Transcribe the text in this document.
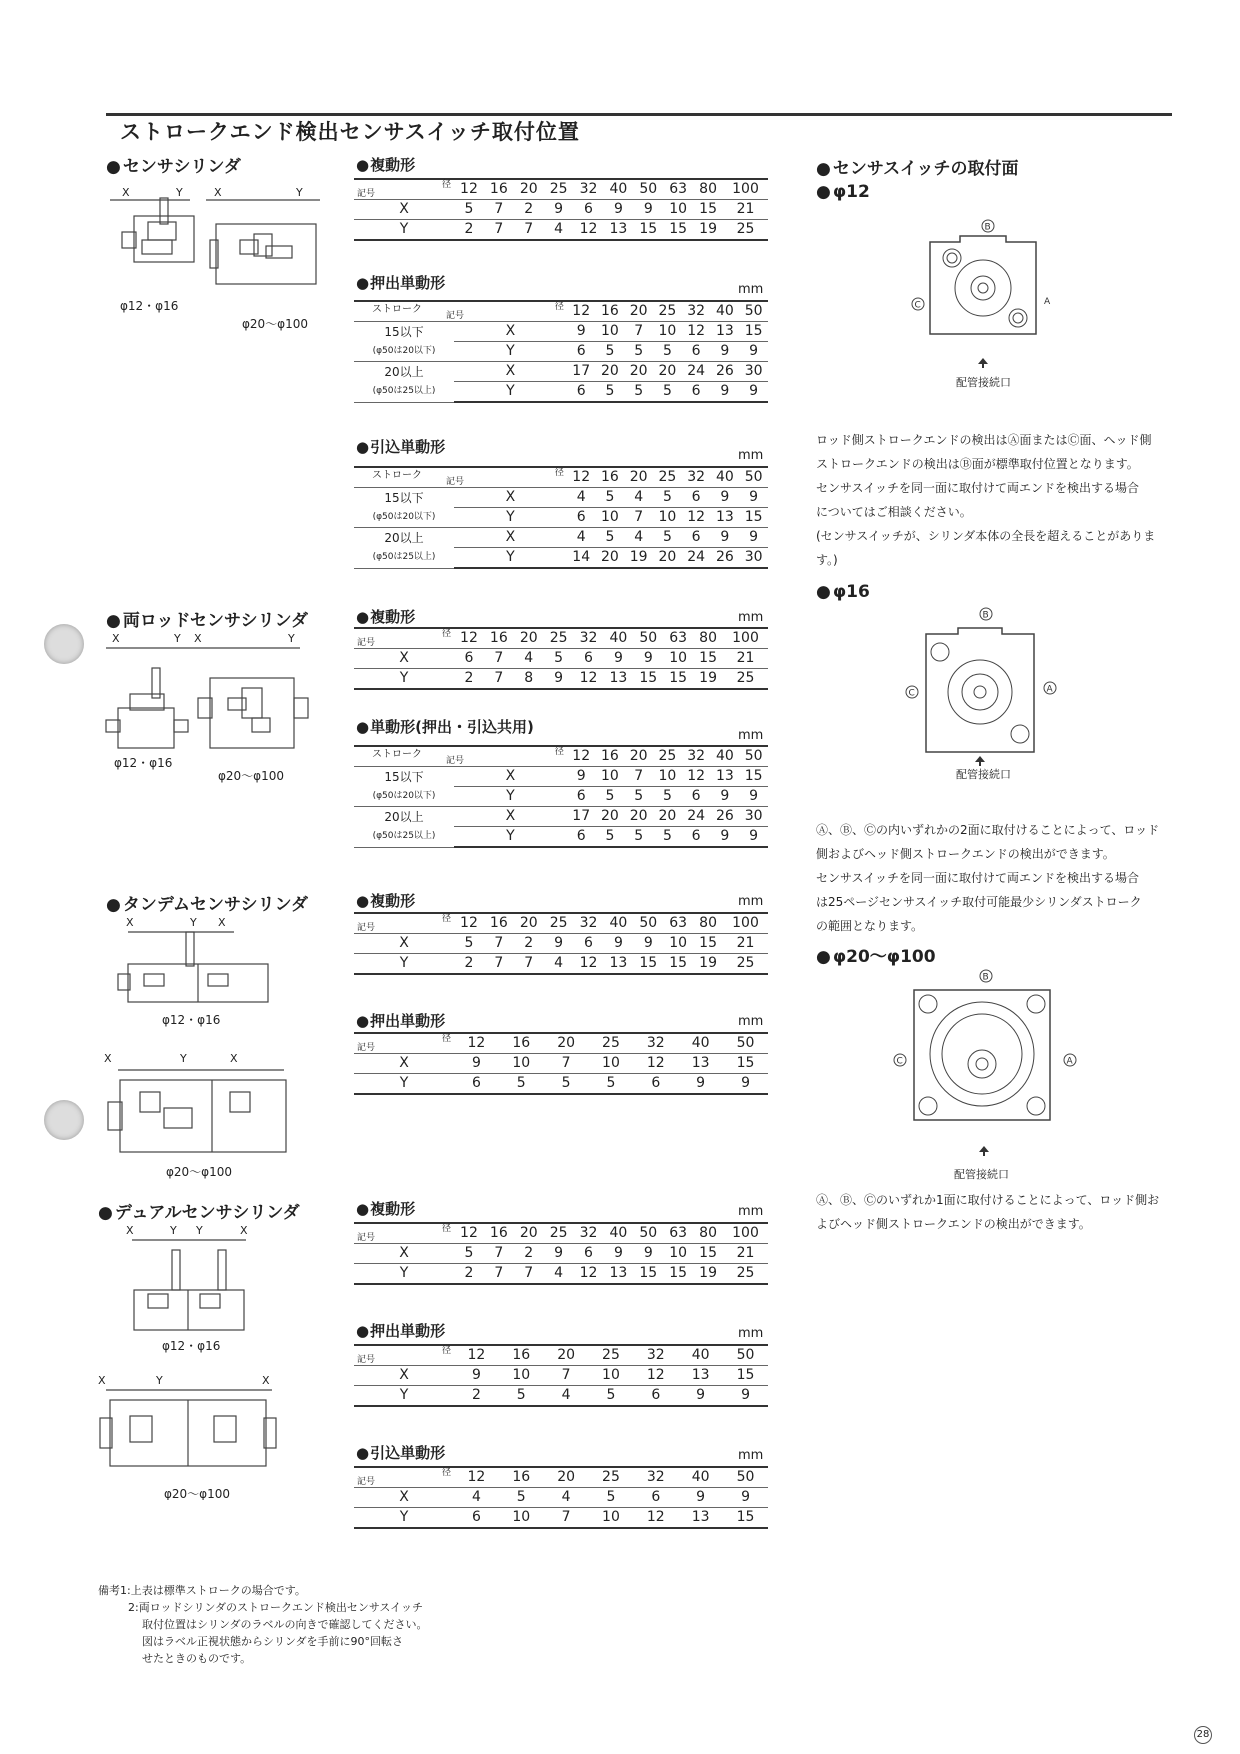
ストロークエンド検出センサスイッチ取付位置
X	Y	X	Y
φ12・φ16
φ20〜φ100
X	Y X	Y
φ12・φ16
φ20〜φ100
X	Y X
X	Y	X
φ12・φ16
φ20〜φ100
X	Y Y	X
X	Y	X
φ12・φ16
φ20〜φ100
● センサシリンダ
● 両ロッドセンサシリンダ
● タンデムセンサシリンダ
● デュアルセンサシリンダ
● 複動形
記号
径	12	16	20	25	32	40	50	63	80	100
X	5	7	2	9	6	9	9	10	15	21
Y	2	7	7	4	12	13	15	15	19	25
● 押出単動形	mm
ストローク
記号
径		12	16	20	25	32	40	50
15以下
(φ50は20以下)	X	9	10	7	10	12	13	15
	Y	6	5	5	5	6	9	9
20以上
(φ50は25以上)	X	17	20	20	20	24	26	30
	Y	6	5	5	5	6	9	9
● 引込単動形	mm
ストローク
記号
径		12	16	20	25	32	40	50
15以下
(φ50は20以下)	X	4	5	4	5	6	9	9
	Y	6	10	7	10	12	13	15
20以上
(φ50は25以上)	X	4	5	4	5	6	9	9
	Y	14	20	19	20	24	26	30
● 複動形	mm
記号
径	12	16	20	25	32	40	50	63	80	100
X	6	7	4	5	6	9	9	10	15	21
Y	2	7	8	9	12	13	15	15	19	25
● 単動形(押出・引込共用)	mm
ストローク
記号
径		12	16	20	25	32	40	50
15以下
(φ50は20以下)	X	9	10	7	10	12	13	15
	Y	6	5	5	5	6	9	9
20以上
(φ50は25以上)	X	17	20	20	20	24	26	30
	Y	6	5	5	5	6	9	9
● 複動形	mm
記号
径	12	16	20	25	32	40	50	63	80	100
X	5	7	2	9	6	9	9	10	15	21
Y	2	7	7	4	12	13	15	15	19	25
● 押出単動形	mm
記号
径	12	16	20	25	32	40	50
X	9	10	7	10	12	13	15
Y	6	5	5	5	6	9	9
● 複動形	mm
記号
径	12	16	20	25	32	40	50	63	80	100
X	5	7	2	9	6	9	9	10	15	21
Y	2	7	7	4	12	13	15	15	19	25
● 押出単動形	mm
記号
径	12	16	20	25	32	40	50
X	9	10	7	10	12	13	15
Y	2	5	4	5	6	9	9
● 引込単動形	mm
記号
径	12	16	20	25	32	40	50
X	4	5	4	5	6	9	9
Y	6	10	7	10	12	13	15
● センサスイッチの取付面
● φ12
B
C	A
配管接続口
ロッド側ストロークエンドの検出はⒶ面またはⒸ面、ヘッド側
ストロークエンドの検出はⒷ面が標準取付位置となります。
センサスイッチを同一面に取付けて両エンドを検出する場合
についてはご相談ください。
(センサスイッチが、シリンダ本体の全長を超えることがありま
す。)
● φ16
B
C	A
配管接続口
Ⓐ、Ⓑ、Ⓒの内いずれかの2面に取付けることによって、ロッド
側およびヘッド側ストロークエンドの検出ができます。
センサスイッチを同一面に取付けて両エンドを検出する場合
は25ページセンサスイッチ取付可能最少シリンダストローク
の範囲となります。
● φ20〜φ100
B
C	A
配管接続口
Ⓐ、Ⓑ、Ⓒのいずれか1面に取付けることによって、ロッド側お
よびヘッド側ストロークエンドの検出ができます。
備考1:上表は標準ストロークの場合です。
2:両ロッドシリンダのストロークエンド検出センサスイッチ
取付位置はシリンダのラベルの向きで確認してください。
図はラベル正視状態からシリンダを手前に90°回転さ
せたときのものです。
28
